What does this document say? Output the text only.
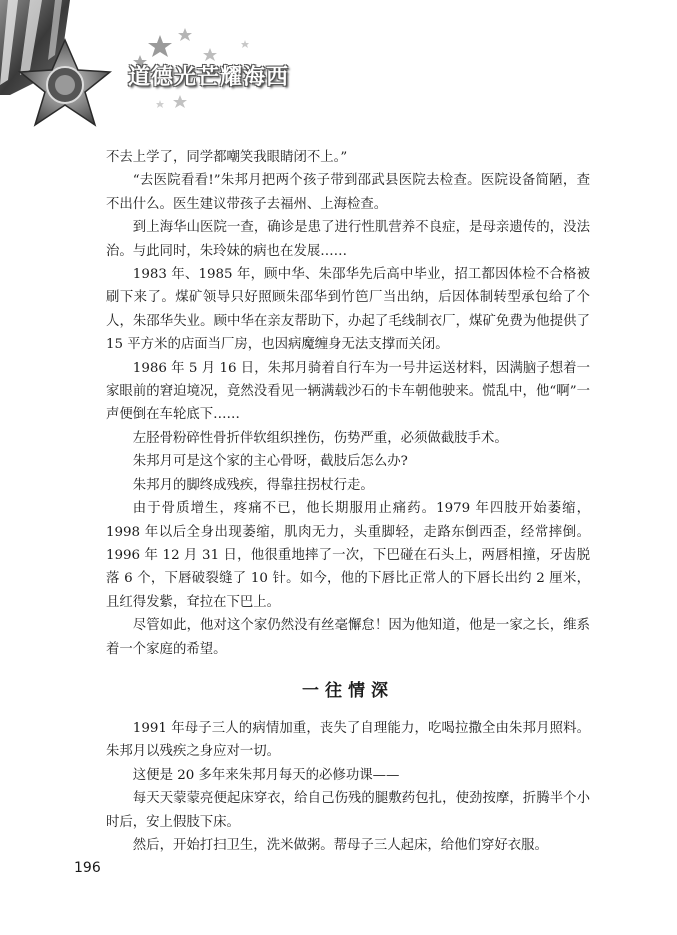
道德光芒耀海西

不去上学了，同学都嘲笑我眼睛闭不上。”

“去医院看看!”朱邦月把两个孩子带到邵武县医院去检查。医院设备简陋，查不出什么。医生建议带孩子去福州、上海检查。

到上海华山医院一查，确诊是患了进行性肌营养不良症，是母亲遗传的，没法治。与此同时，朱玲妹的病也在发展……

1983 年、1985 年，顾中华、朱邵华先后高中毕业，招工都因体检不合格被刷下来了。煤矿领导只好照顾朱邵华到竹笆厂当出纳，后因体制转型承包给了个人，朱邵华失业。顾中华在亲友帮助下，办起了毛线制衣厂，煤矿免费为他提供了 15 平方米的店面当厂房，也因病魔缠身无法支撑而关闭。

1986 年 5 月 16 日，朱邦月骑着自行车为一号井运送材料，因满脑子想着一家眼前的窘迫境况，竟然没看见一辆满载沙石的卡车朝他驶来。慌乱中，他“啊”一声便倒在车轮底下……

左胫骨粉碎性骨折伴软组织挫伤，伤势严重，必须做截肢手术。

朱邦月可是这个家的主心骨呀，截肢后怎么办?

朱邦月的脚终成残疾，得靠拄拐杖行走。

由于骨质增生，疼痛不已，他长期服用止痛药。1979 年四肢开始萎缩，1998 年以后全身出现萎缩，肌肉无力，头重脚轻，走路东倒西歪，经常摔倒。1996 年 12 月 31 日，他很重地摔了一次，下巴碰在石头上，两唇相撞，牙齿脱落 6 个，下唇破裂缝了 10 针。如今，他的下唇比正常人的下唇长出约 2 厘米，且红得发紫，耷拉在下巴上。

尽管如此，他对这个家仍然没有丝毫懈怠！因为他知道，他是一家之长，维系着一个家庭的希望。

一往情深

1991 年母子三人的病情加重，丧失了自理能力，吃喝拉撒全由朱邦月照料。朱邦月以残疾之身应对一切。

这便是 20 多年来朱邦月每天的必修功课——

每天天蒙蒙亮便起床穿衣，给自己伤残的腿敷药包扎，使劲按摩，折腾半个小时后，安上假肢下床。

然后，开始打扫卫生，洗米做粥。帮母子三人起床，给他们穿好衣服。

196
